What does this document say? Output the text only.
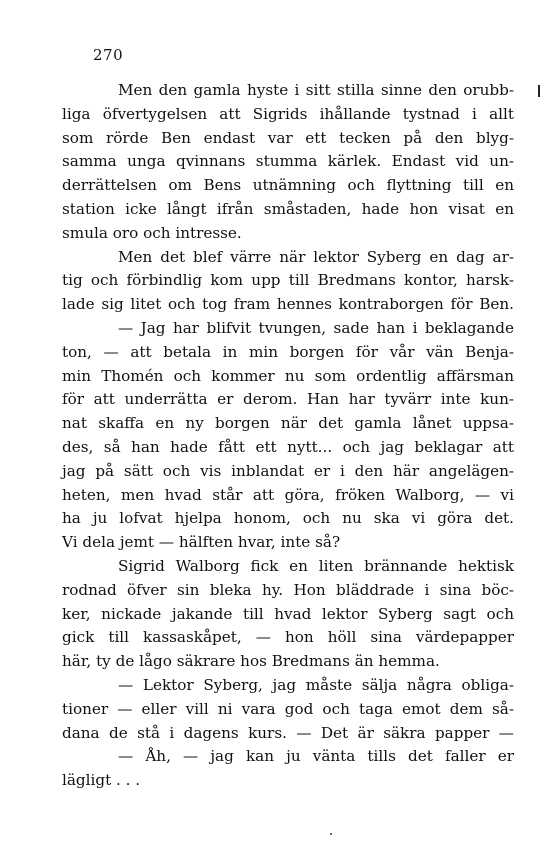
270
Men den gamla hyste i sitt stilla sinne den orubb-
liga öfvertygelsen att Sigrids ihållande tystnad i allt
som rörde Ben endast var ett tecken på den blyg-
samma unga qvinnans stumma kärlek. Endast vid un-
derrättelsen om Bens utnämning och flyttning till en
station icke långt ifrån småstaden, hade hon visat en
smula oro och intresse.
Men det blef värre när lektor Syberg en dag ar-
tig och förbindlig kom upp till Bredmans kontor, harsk-
lade sig litet och tog fram hennes kontraborgen för Ben.
— Jag har blifvit tvungen, sade han i beklagande
ton, — att betala in min borgen för vår vän Benja-
min Thomén och kommer nu som ordentlig affärsman
för att underrätta er derom. Han har tyvärr inte kun-
nat skaffa en ny borgen när det gamla lånet uppsa-
des, så han hade fått ett nytt... och jag beklagar att
jag på sätt och vis inblandat er i den här angelägen-
heten, men hvad står att göra, fröken Walborg, — vi
ha ju lofvat hjelpa honom, och nu ska vi göra det.
Vi dela jemt — hälften hvar, inte så?
Sigrid Walborg fick en liten brännande hektisk
rodnad öfver sin bleka hy. Hon bläddrade i sina böc-
ker, nickade jakande till hvad lektor Syberg sagt och
gick till kassaskåpet, — hon höll sina värdepapper
här, ty de lågo säkrare hos Bredmans än hemma.
— Lektor Syberg, jag måste sälja några obliga-
tioner — eller vill ni vara god och taga emot dem så-
dana de stå i dagens kurs. — Det är säkra papper —
— Åh, — jag kan ju vänta tills det faller er
lägligt . . .
